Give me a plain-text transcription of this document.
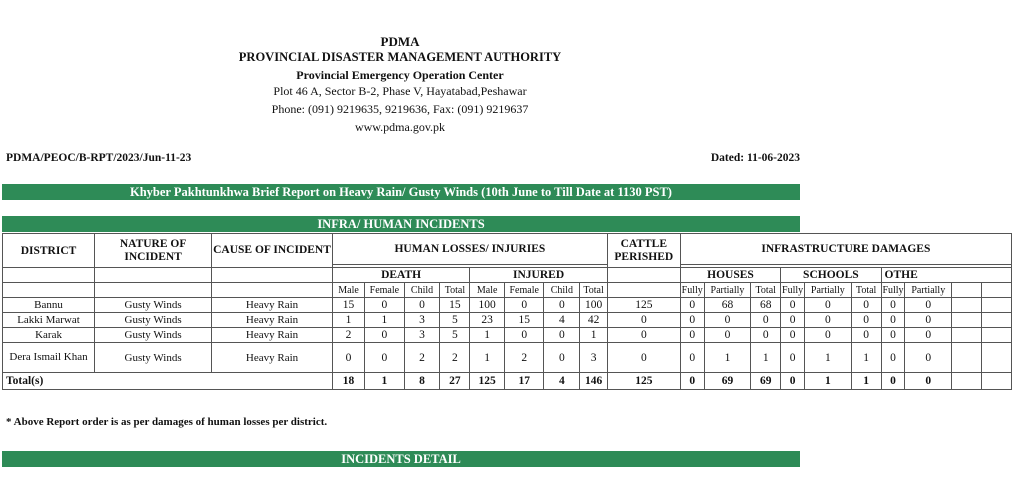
PDMA
PROVINCIAL DISASTER MANAGEMENT AUTHORITY
Provincial Emergency Operation Center
Plot 46 A, Sector B-2, Phase V, Hayatabad,Peshawar
Phone: (091) 9219635, 9219636, Fax: (091) 9219637
www.pdma.gov.pk
PDMA/PEOC/B-RPT/2023/Jun-11-23	Dated: 11-06-2023
Khyber Pakhtunkhwa Brief Report on Heavy Rain/ Gusty Winds (10th June to Till Date at 1130 PST)
INFRA/ HUMAN INCIDENTS
DISTRICT	NATURE OF INCIDENT	CAUSE OF INCIDENT	HUMAN LOSSES/ INJURIES								CATTLE PERISHED	INFRASTRUCTURE DAMAGES									

			DEATH				INJURED					HOUSES			SCHOOLS			OTHE			
			Male	Female	Child	Total	Male	Female	Child	Total		Fully	Partially	Total	Fully	Partially	Total	Fully	Partially		
Bannu	Gusty Winds	Heavy Rain	15	0	0	15	100	0	0	100	125	0	68	68	0	0	0	0	0		
Lakki Marwat	Gusty Winds	Heavy Rain	1	1	3	5	23	15	4	42	0	0	0	0	0	0	0	0	0		
Karak	Gusty Winds	Heavy Rain	2	0	3	5	1	0	0	1	0	0	0	0	0	0	0	0	0		
Dera Ismail Khan	Gusty Winds	Heavy Rain	0	0	2	2	1	2	0	3	0	0	1	1	0	1	1	0	0		
Total(s)			18	1	8	27	125	17	4	146	125	0	69	69	0	1	1	0	0		
* Above Report order is as per damages of human losses per district.
INCIDENTS DETAIL
